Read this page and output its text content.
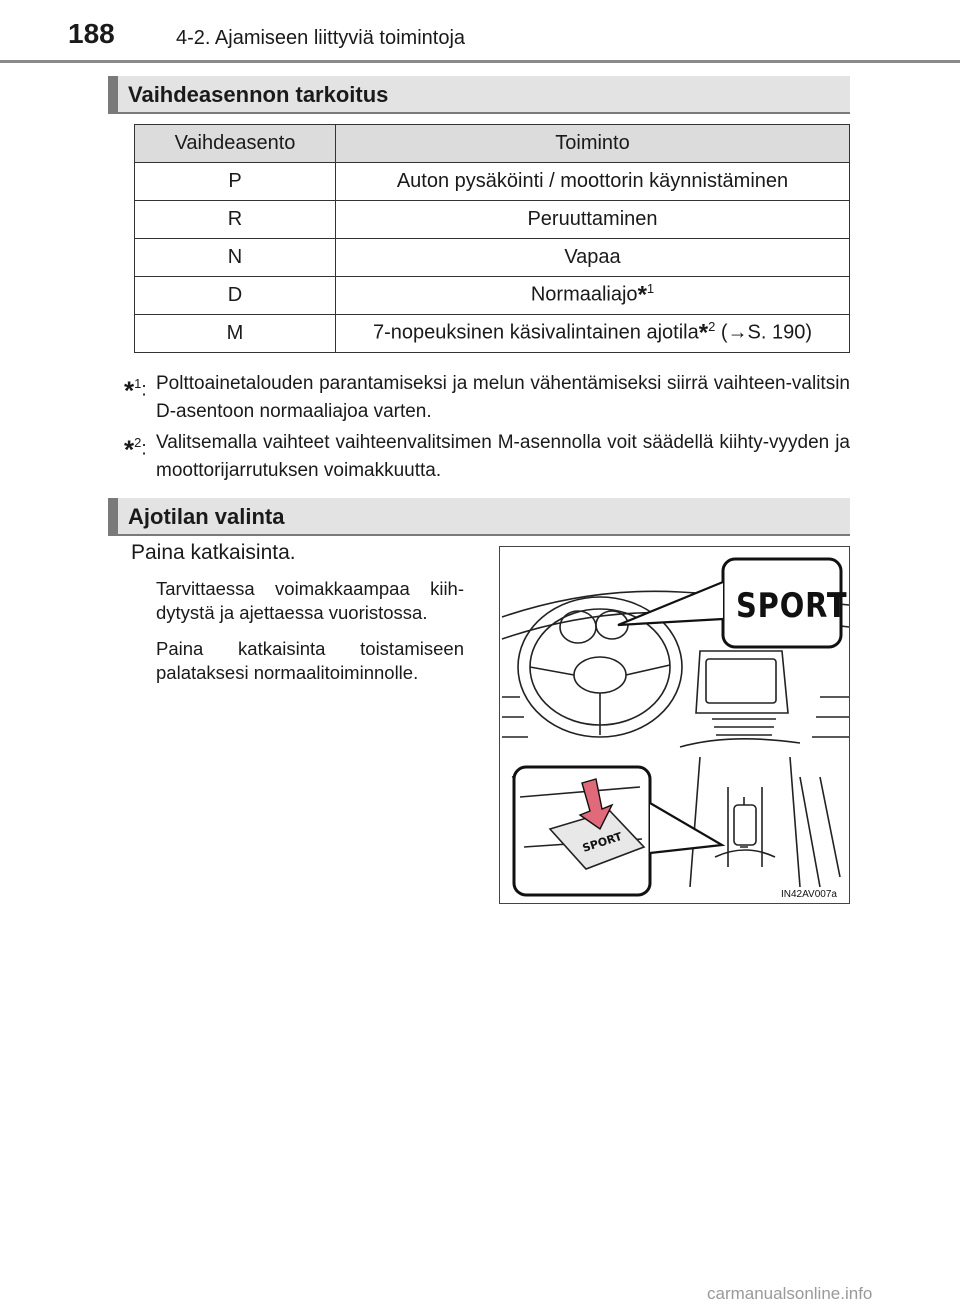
188	4-2. Ajamiseen liittyviä toimintoja
Vaihdeasennon tarkoitus
Vaihdeasento	Toiminto
P	Auton pysäköinti / moottorin käynnistäminen
R	Peruuttaminen
N	Vapaa
D	Normaaliajo*$^1$
M	7-nopeuksinen käsivalintainen ajotila*$^2$ (→S. 190)
*$^1$: Polttoainetalouden parantamiseksi ja melun vähentämiseksi siirrä vaihteen-valitsin D-asentoon normaaliajoa varten.
*$^2$: Valitsemalla vaihteet vaihteenvalitsimen M-asennolla voit säädellä kiihty-vyyden ja moottorijarrutuksen voimakkuutta.
Ajotilan valinta
Paina katkaisinta.
Tarvittaessa voimakkaampaa kiih-dytystä ja ajettaessa vuoristossa.
Paina katkaisinta toistamiseen palataksesi normaalitoiminnolle.
SPORT
SPORT
IN42AV007a
carmanualsonline.info
